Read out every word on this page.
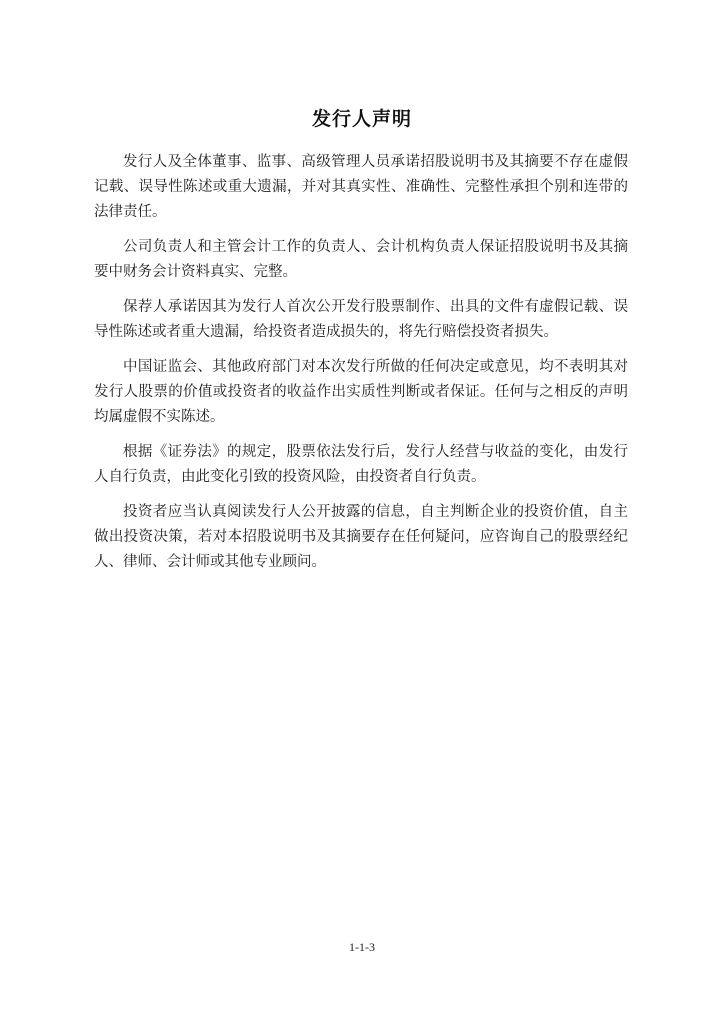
发行人声明

发行人及全体董事、监事、高级管理人员承诺招股说明书及其摘要不存在虚假记载、误导性陈述或重大遗漏，并对其真实性、准确性、完整性承担个别和连带的法律责任。

公司负责人和主管会计工作的负责人、会计机构负责人保证招股说明书及其摘要中财务会计资料真实、完整。

保荐人承诺因其为发行人首次公开发行股票制作、出具的文件有虚假记载、误导性陈述或者重大遗漏，给投资者造成损失的，将先行赔偿投资者损失。

中国证监会、其他政府部门对本次发行所做的任何决定或意见，均不表明其对发行人股票的价值或投资者的收益作出实质性判断或者保证。任何与之相反的声明均属虚假不实陈述。

根据《证券法》的规定，股票依法发行后，发行人经营与收益的变化，由发行人自行负责，由此变化引致的投资风险，由投资者自行负责。

投资者应当认真阅读发行人公开披露的信息，自主判断企业的投资价值，自主做出投资决策，若对本招股说明书及其摘要存在任何疑问，应咨询自己的股票经纪人、律师、会计师或其他专业顾问。

1-1-3
